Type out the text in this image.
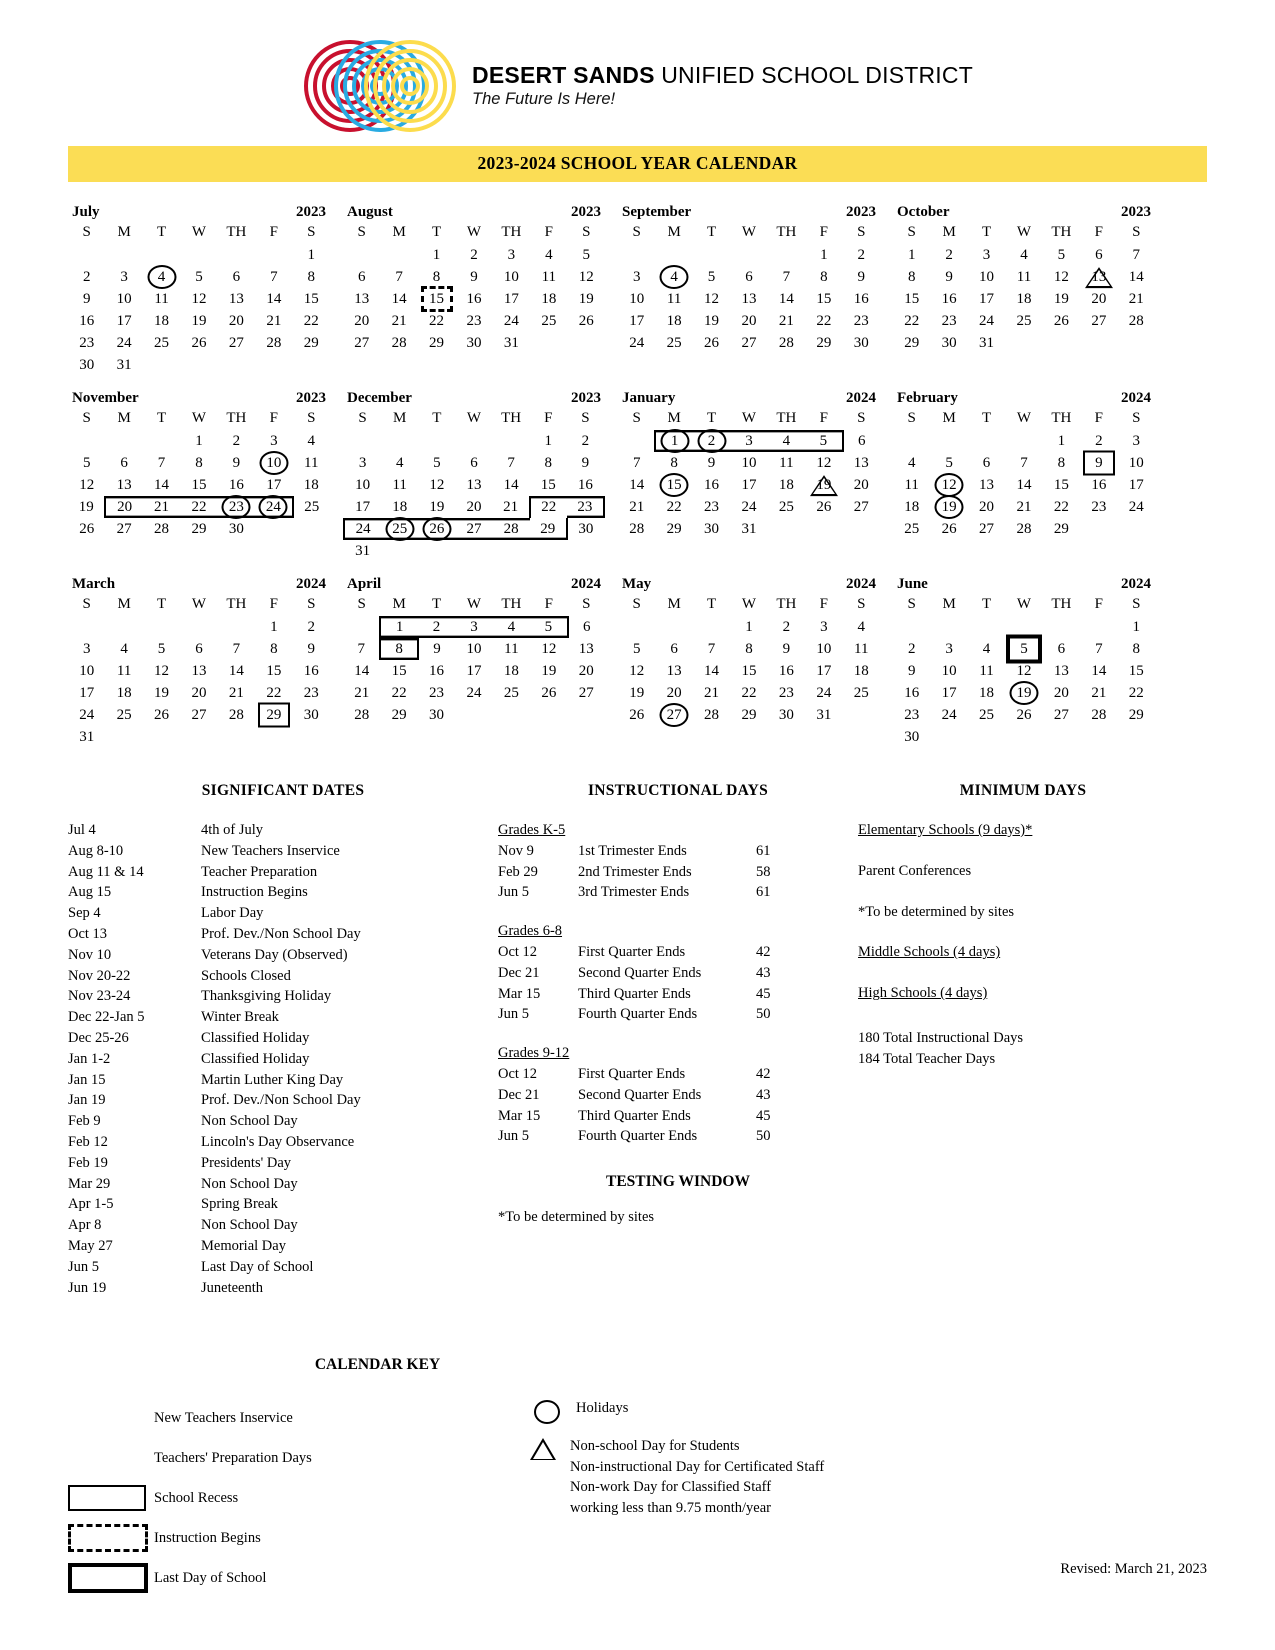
DESERT SANDS UNIFIED SCHOOL DISTRICT
The Future Is Here!
2023-2024 SCHOOL YEAR CALENDAR
July	2023
S	M	T	W	TH	F	S
						1
2	3	4	5	6	7	8
9	10	11	12	13	14	15
16	17	18	19	20	21	22
23	24	25	26	27	28	29
30	31					
August	2023
S	M	T	W	TH	F	S
		1	2	3	4	5
6	7	8	9	10	11	12
13	14	15	16	17	18	19
20	21	22	23	24	25	26
27	28	29	30	31		
September	2023
S	M	T	W	TH	F	S
					1	2
3	4	5	6	7	8	9
10	11	12	13	14	15	16
17	18	19	20	21	22	23
24	25	26	27	28	29	30
October	2023
S	M	T	W	TH	F	S
1	2	3	4	5	6	7
8	9	10	11	12	13	14
15	16	17	18	19	20	21
22	23	24	25	26	27	28
29	30	31				
November	2023
S	M	T	W	TH	F	S
			1	2	3	4
5	6	7	8	9	10	11
12	13	14	15	16	17	18
19	20	21	22	23	24	25
26	27	28	29	30		
December	2023
S	M	T	W	TH	F	S
					1	2
3	4	5	6	7	8	9
10	11	12	13	14	15	16
17	18	19	20	21	22	23
24	25	26	27	28	29	30
31						
January	2024
S	M	T	W	TH	F	S
	1	2	3	4	5	6
7	8	9	10	11	12	13
14	15	16	17	18	19	20
21	22	23	24	25	26	27
28	29	30	31			
February	2024
S	M	T	W	TH	F	S
				1	2	3
4	5	6	7	8	9	10
11	12	13	14	15	16	17
18	19	20	21	22	23	24
25	26	27	28	29		
March	2024
S	M	T	W	TH	F	S
					1	2
3	4	5	6	7	8	9
10	11	12	13	14	15	16
17	18	19	20	21	22	23
24	25	26	27	28	29	30
31						
April	2024
S	M	T	W	TH	F	S
	1	2	3	4	5	6
7	8	9	10	11	12	13
14	15	16	17	18	19	20
21	22	23	24	25	26	27
28	29	30				
May	2024
S	M	T	W	TH	F	S
			1	2	3	4
5	6	7	8	9	10	11
12	13	14	15	16	17	18
19	20	21	22	23	24	25
26	27	28	29	30	31	
June	2024
S	M	T	W	TH	F	S
						1
2	3	4	5	6	7	8
9	10	11	12	13	14	15
16	17	18	19	20	21	22
23	24	25	26	27	28	29
30						
SIGNIFICANT DATES
Jul 4	4th of July
Aug 8-10	New Teachers Inservice
Aug 11 & 14	Teacher Preparation
Aug 15	Instruction Begins
Sep 4	Labor Day
Oct 13	Prof. Dev./Non School Day
Nov 10	Veterans Day (Observed)
Nov 20-22	Schools Closed
Nov 23-24	Thanksgiving Holiday
Dec 22-Jan 5	Winter Break
Dec 25-26	Classified Holiday
Jan 1-2	Classified Holiday
Jan 15	Martin Luther King Day
Jan 19	Prof. Dev./Non School Day
Feb 9	Non School Day
Feb 12	Lincoln's Day Observance
Feb 19	Presidents' Day
Mar 29	Non School Day
Apr 1-5	Spring Break
Apr 8	Non School Day
May 27	Memorial Day
Jun 5	Last Day of School
Jun 19	Juneteenth
INSTRUCTIONAL DAYS
Grades K-5
Nov 9	1st Trimester Ends	61
Feb 29	2nd Trimester Ends	58
Jun 5	3rd Trimester Ends	61
Grades 6-8
Oct 12	First Quarter Ends	42
Dec 21	Second Quarter Ends	43
Mar 15	Third Quarter Ends	45
Jun 5	Fourth Quarter Ends	50
Grades 9-12
Oct 12	First Quarter Ends	42
Dec 21	Second Quarter Ends	43
Mar 15	Third Quarter Ends	45
Jun 5	Fourth Quarter Ends	50
TESTING WINDOW
*To be determined by sites
MINIMUM DAYS
Elementary Schools (9 days)*
Parent Conferences
*To be determined by sites
Middle Schools (4 days)
High Schools (4 days)
180 Total Instructional Days
184 Total Teacher Days
CALENDAR KEY
New Teachers Inservice
Teachers' Preparation Days
School Recess
Instruction Begins
Last Day of School
Holidays
Non-school Day for Students
Non-instructional Day for Certificated Staff
Non-work Day for Classified Staff
working less than 9.75 month/year
Revised: March 21, 2023
